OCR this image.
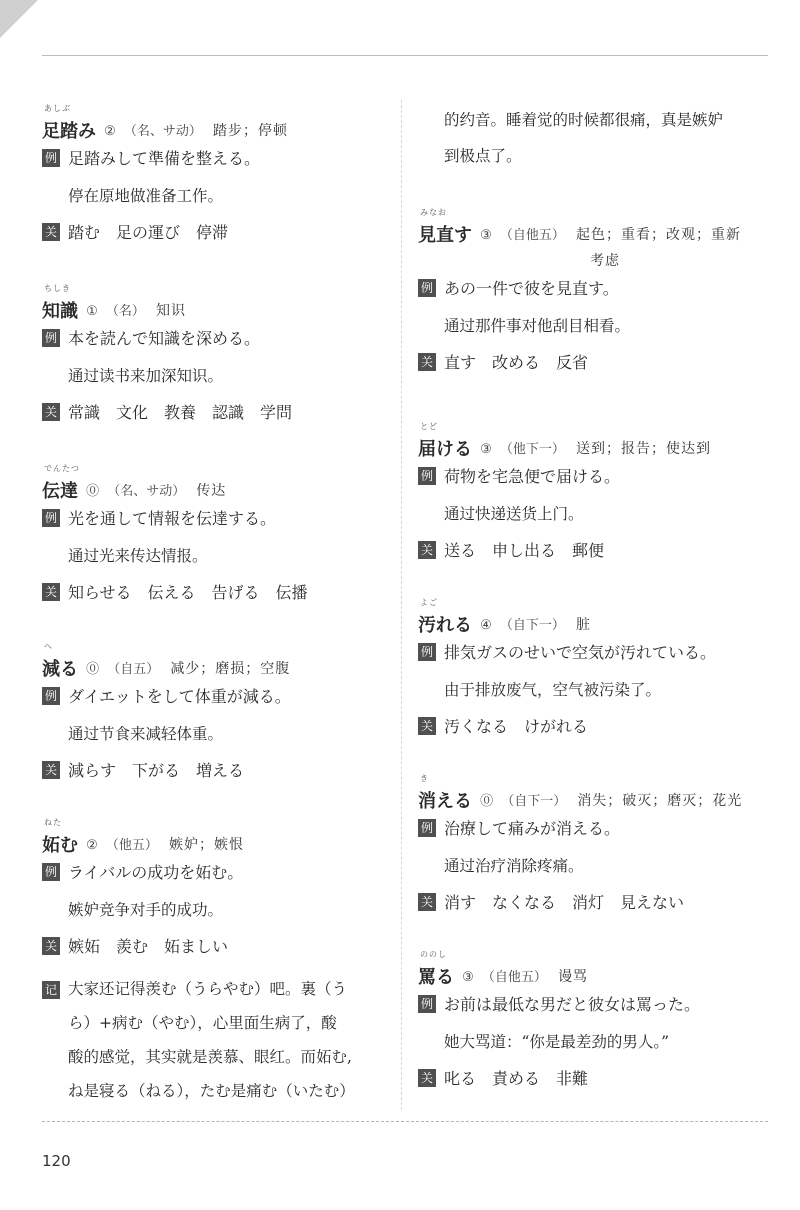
あしぶ
足踏み $_②$ $_{(名、サ动)}$ 踏步；停顿
例 足踏みして準備を整える。
停在原地做准备工作。
关 踏む　足の運び　停滞
ちしき
知識 $_①$ $_{(名)}$ 知识
例 本を読んで知識を深める。
通过读书来加深知识。
关 常識　文化　教養　認識　学問
でんたつ
伝達 $_⓪$ $_{(名、サ动)}$ 传达
例 光を通して情報を伝達する。
通过光来传达情报。
关 知らせる　伝える　告げる　伝播
へ
減る $_⓪$ $_{(自五)}$ 减少；磨损；空腹
例 ダイエットをして体重が減る。
通过节食来减轻体重。
关 減らす　下がる　増える
ねた
妬む $_②$ $_{(他五)}$ 嫉妒；嫉恨
例 ライバルの成功を妬む。
嫉妒竞争对手的成功。
关 嫉妬　羨む　妬ましい
记 大家还记得羡む（うらやむ）吧。裏（う
ら）+病む（やむ），心里面生病了，酸
酸的感觉，其实就是羡慕、眼红。而妬む,
ね是寝る（ねる），たむ是痛む（いたむ）
的约音。睡着觉的时候都很痛，真是嫉妒
到极点了。
みなお
見直す $_③$ $_{(自他五)}$ 起色；重看；改观；重新
考虑
例 あの一件で彼を見直す。
通过那件事对他刮目相看。
关 直す　改める　反省
とど
届ける $_③$ $_{(他下一)}$ 送到；报告；使达到
例 荷物を宅急便で届ける。
通过快递送货上门。
关 送る　申し出る　郵便
よご
汚れる $_④$ $_{(自下一)}$ 脏
例 排気ガスのせいで空気が汚れている。
由于排放废气，空气被污染了。
关 汚くなる　けがれる
き
消える $_⓪$ $_{(自下一)}$ 消失；破灭；磨灭；花光
例 治療して痛みが消える。
通过治疗消除疼痛。
关 消す　なくなる　消灯　見えない
ののし
罵る $_③$ $_{(自他五)}$ 谩骂
例 お前は最低な男だと彼女は罵った。
她大骂道：“你是最差劲的男人。”
关 叱る　責める　非難
120
